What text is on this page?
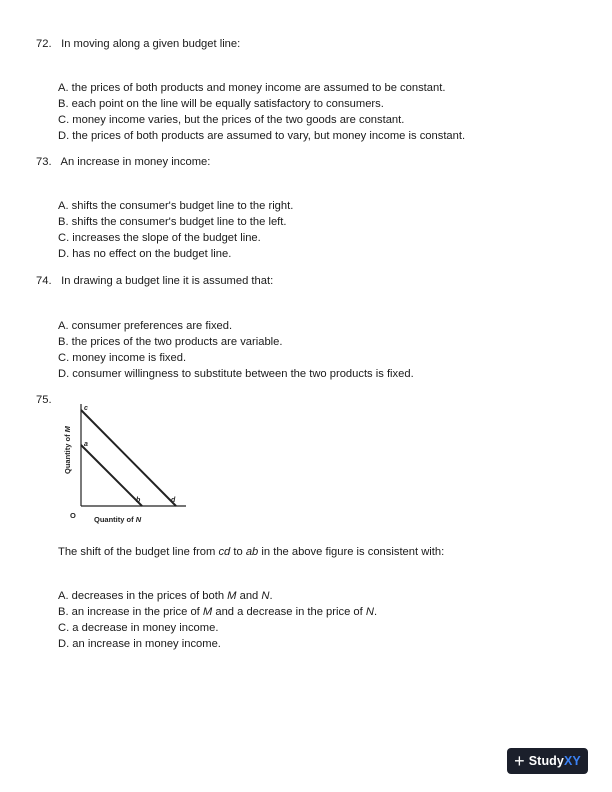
72. In moving along a given budget line:
A. the prices of both products and money income are assumed to be constant.
B. each point on the line will be equally satisfactory to consumers.
C. money income varies, but the prices of the two goods are constant.
D. the prices of both products are assumed to vary, but money income is constant.
73. An increase in money income:
A. shifts the consumer's budget line to the right.
B. shifts the consumer's budget line to the left.
C. increases the slope of the budget line.
D. has no effect on the budget line.
74. In drawing a budget line it is assumed that:
A. consumer preferences are fixed.
B. the prices of the two products are variable.
C. money income is fixed.
D. consumer willingness to substitute between the two products is fixed.
75.
Quantity of M
c
a
b	d
O Quantity of N
The shift of the budget line from cd to ab in the above figure is consistent with:
A. decreases in the prices of both M and N.
B. an increase in the price of M and a decrease in the price of N.
C. a decrease in money income.
D. an increase in money income.
+ StudyXY
